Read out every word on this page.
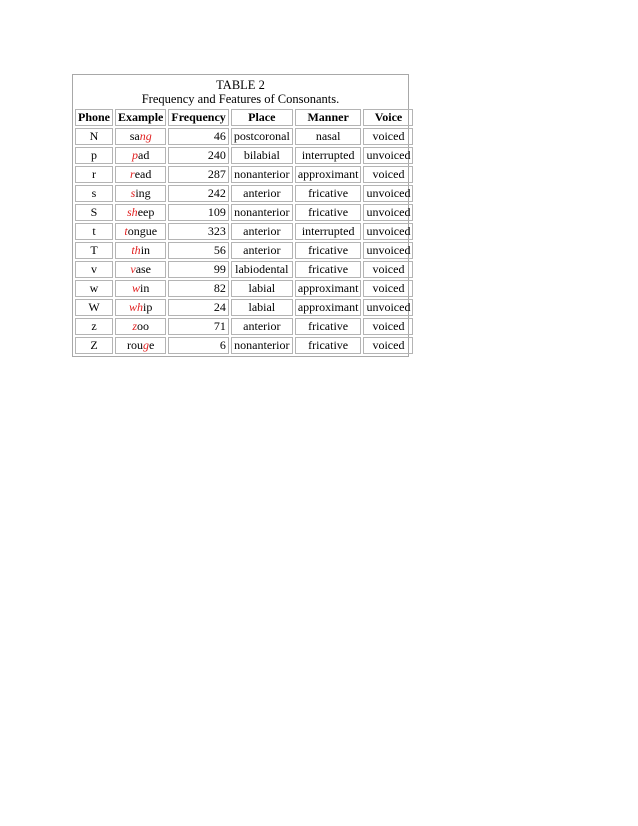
TABLE 2
Frequency and Features of Consonants.
Phone	Example	Frequency	Place	Manner	Voice
N	sang	46	postcoronal	nasal	voiced
p	pad	240	bilabial	interrupted	unvoiced
r	read	287	nonanterior	approximant	voiced
s	sing	242	anterior	fricative	unvoiced
S	sheep	109	nonanterior	fricative	unvoiced
t	tongue	323	anterior	interrupted	unvoiced
T	thin	56	anterior	fricative	unvoiced
v	vase	99	labiodental	fricative	voiced
w	win	82	labial	approximant	voiced
W	whip	24	labial	approximant	unvoiced
z	zoo	71	anterior	fricative	voiced
Z	rouge	6	nonanterior	fricative	voiced
